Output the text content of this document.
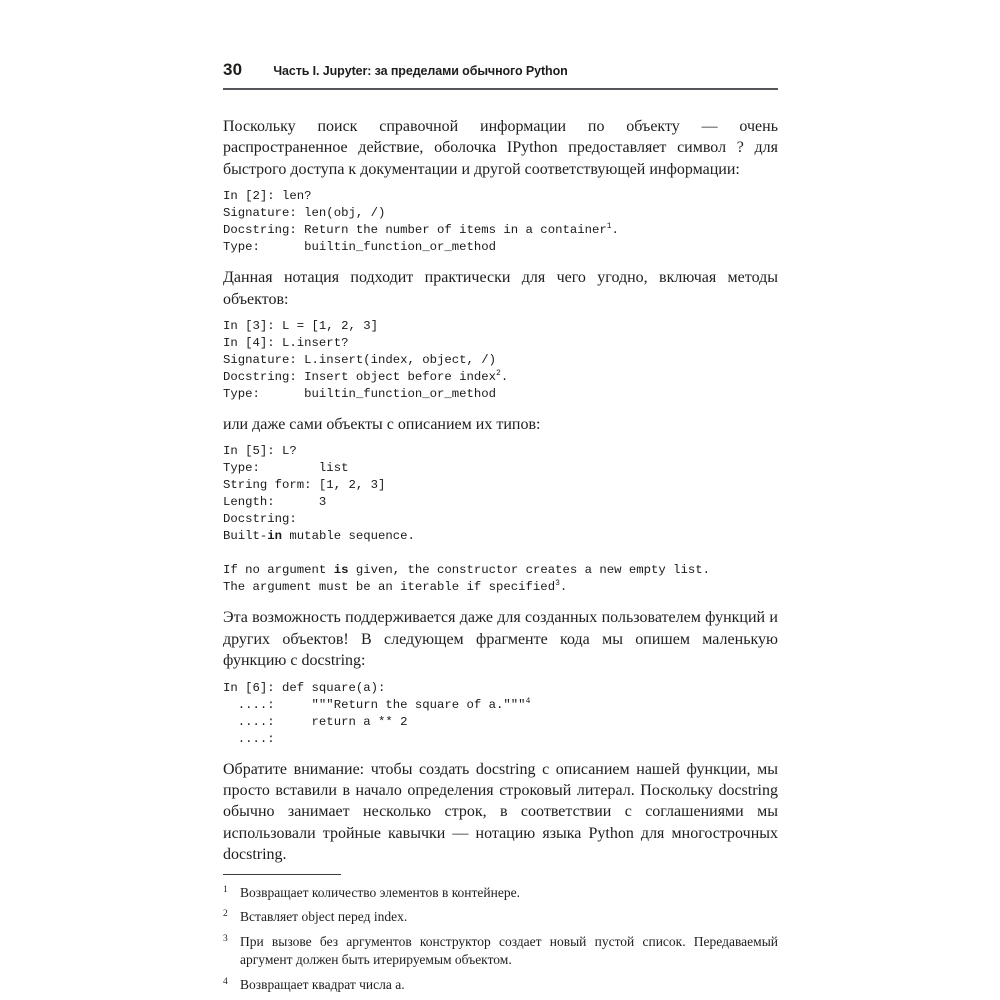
30 Часть I. Jupyter: за пределами обычного Python

Поскольку поиск справочной информации по объекту — очень распространенное действие, оболочка IPython предоставляет символ ? для быстрого доступа к документации и другой соответствующей информации:

In [2]: len?
Signature: len(obj, /)
Docstring: Return the number of items in a container$^1$.
Type:      builtin_function_or_method

Данная нотация подходит практически для чего угодно, включая методы объектов:

In [3]: L = [1, 2, 3]
In [4]: L.insert?
Signature: L.insert(index, object, /)
Docstring: Insert object before index$^2$.
Type:      builtin_function_or_method

или даже сами объекты с описанием их типов:

In [5]: L?
Type:        list
String form: [1, 2, 3]
Length:      3
Docstring:
Built-in mutable sequence.

If no argument is given, the constructor creates a new empty list.
The argument must be an iterable if specified$^3$.

Эта возможность поддерживается даже для созданных пользователем функций и других объектов! В следующем фрагменте кода мы опишем маленькую функцию с docstring:

In [6]: def square(a):
....:     """Return the square of a."""$^4$
....:     return a ** 2
....:

Обратите внимание: чтобы создать docstring с описанием нашей функции, мы просто вставили в начало определения строковый литерал. Поскольку docstring обычно занимает несколько строк, в соответствии с соглашениями мы использовали тройные кавычки — нотацию языка Python для многострочных docstring.

1 Возвращает количество элементов в контейнере.
2 Вставляет object перед index.
3 При вызове без аргументов конструктор создает новый пустой список. Передаваемый аргумент должен быть итерируемым объектом.
4 Возвращает квадрат числа a.
